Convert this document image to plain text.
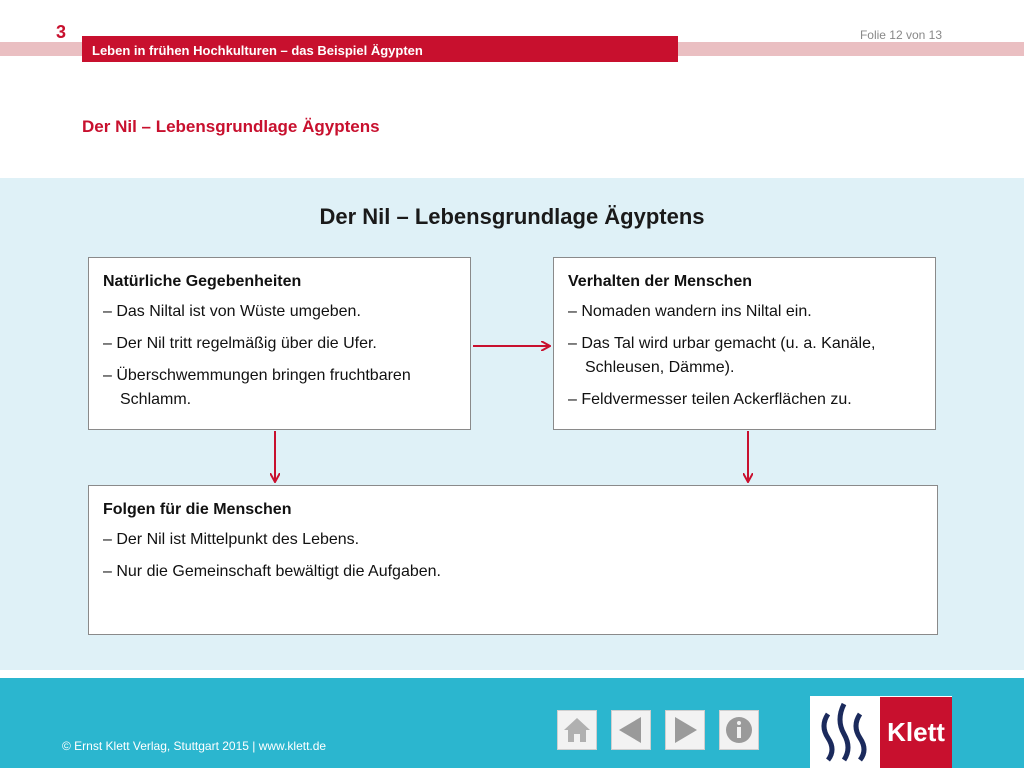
3	Folie 12 von 13
Leben in frühen Hochkulturen – das Beispiel Ägypten
Der Nil – Lebensgrundlage Ägyptens
Der Nil – Lebensgrundlage Ägyptens
Natürliche Gegebenheiten
– Das Niltal ist von Wüste umgeben.
– Der Nil tritt regelmäßig über die Ufer.
– Überschwemmungen bringen fruchtbaren Schlamm.
Verhalten der Menschen
– Nomaden wandern ins Niltal ein.
– Das Tal wird urbar gemacht (u. a. Kanäle, Schleusen, Dämme).
– Feldvermesser teilen Ackerflächen zu.
Folgen für die Menschen
– Der Nil ist Mittelpunkt des Lebens.
– Nur die Gemeinschaft bewältigt die Aufgaben.
© Ernst Klett Verlag, Stuttgart 2015 | www.klett.de	Klett
